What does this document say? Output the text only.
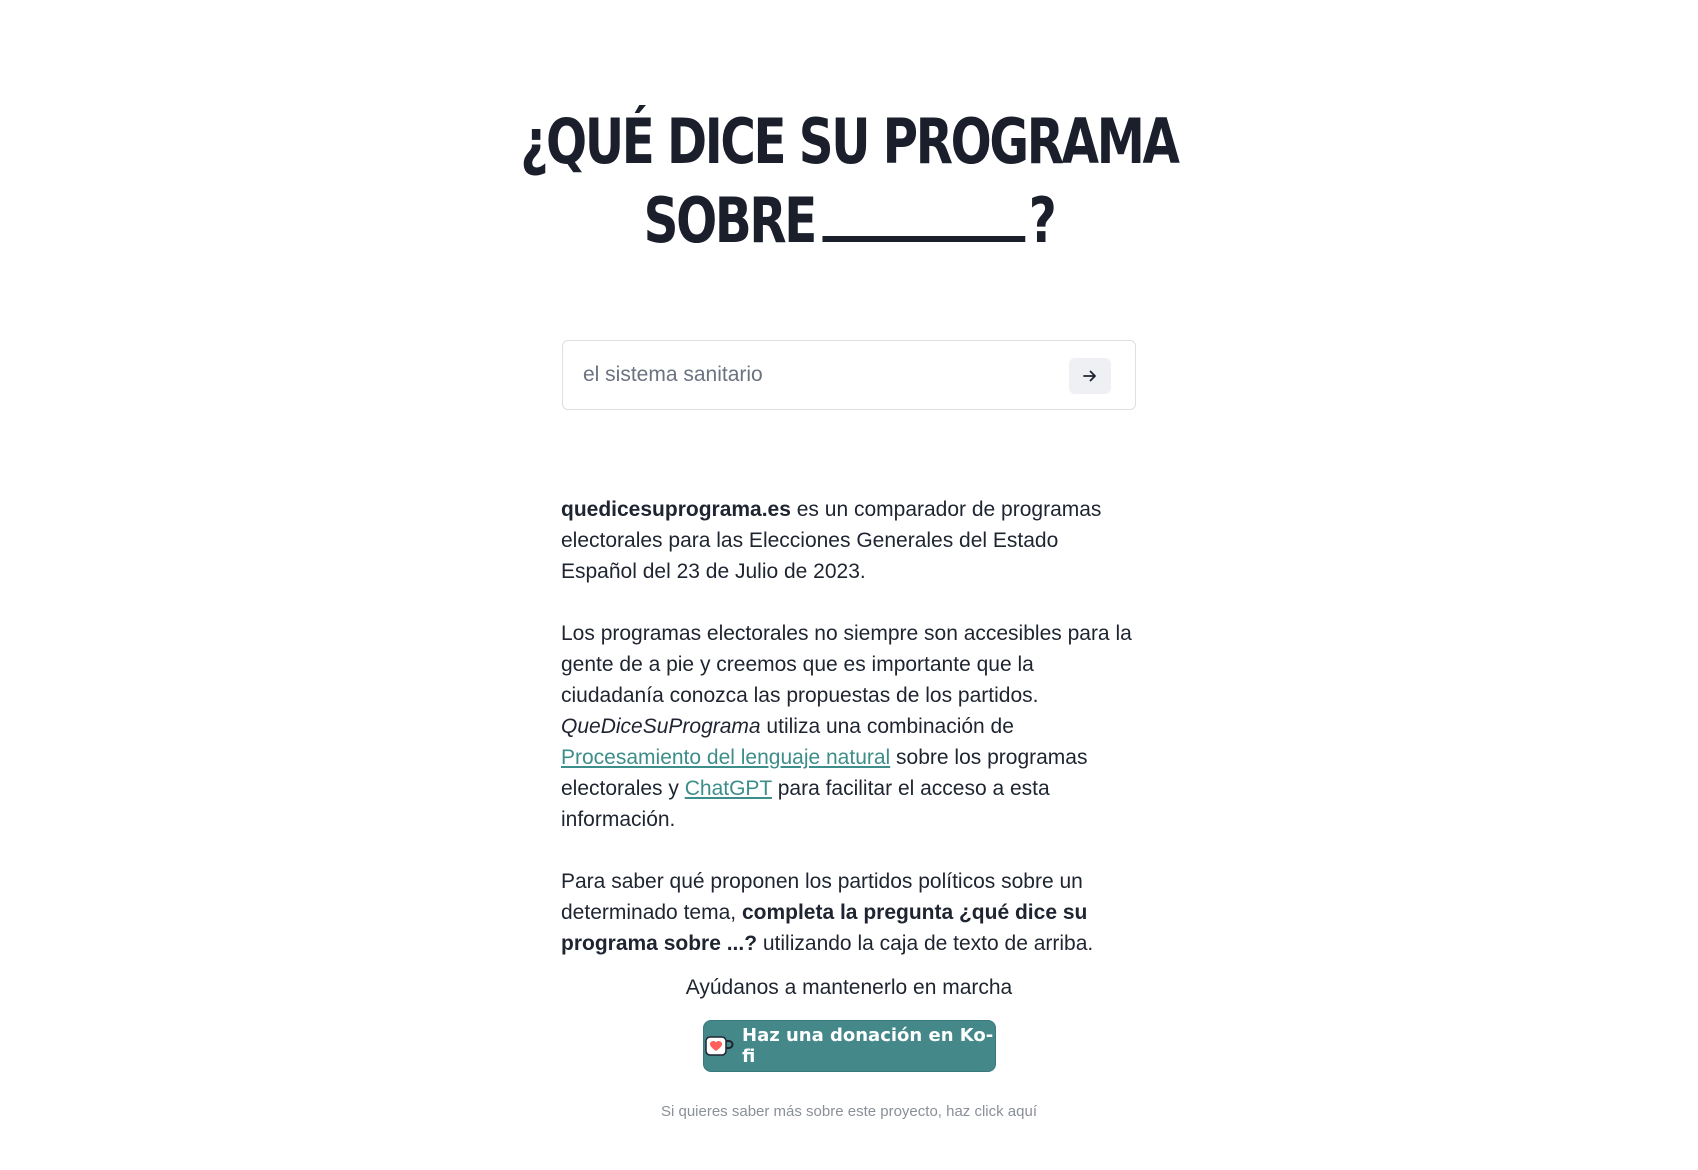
¿QUÉ DICE SU PROGRAMA
SOBRE	?
el sistema sanitario

quedicesuprograma.es es un comparador de programas electorales para las Elecciones Generales del Estado Español del 23 de Julio de 2023.

Los programas electorales no siempre son accesibles para la gente de a pie y creemos que es importante que la ciudadanía conozca las propuestas de los partidos. QueDiceSuPrograma utiliza una combinación de Procesamiento del lenguaje natural sobre los programas electorales y ChatGPT para facilitar el acceso a esta información.

Para saber qué proponen los partidos políticos sobre un determinado tema, completa la pregunta ¿qué dice su programa sobre ...? utilizando la caja de texto de arriba.

Ayúdanos a mantenerlo en marcha

Haz una donación en Ko-fi
Si quieres saber más sobre este proyecto, haz click aquí
